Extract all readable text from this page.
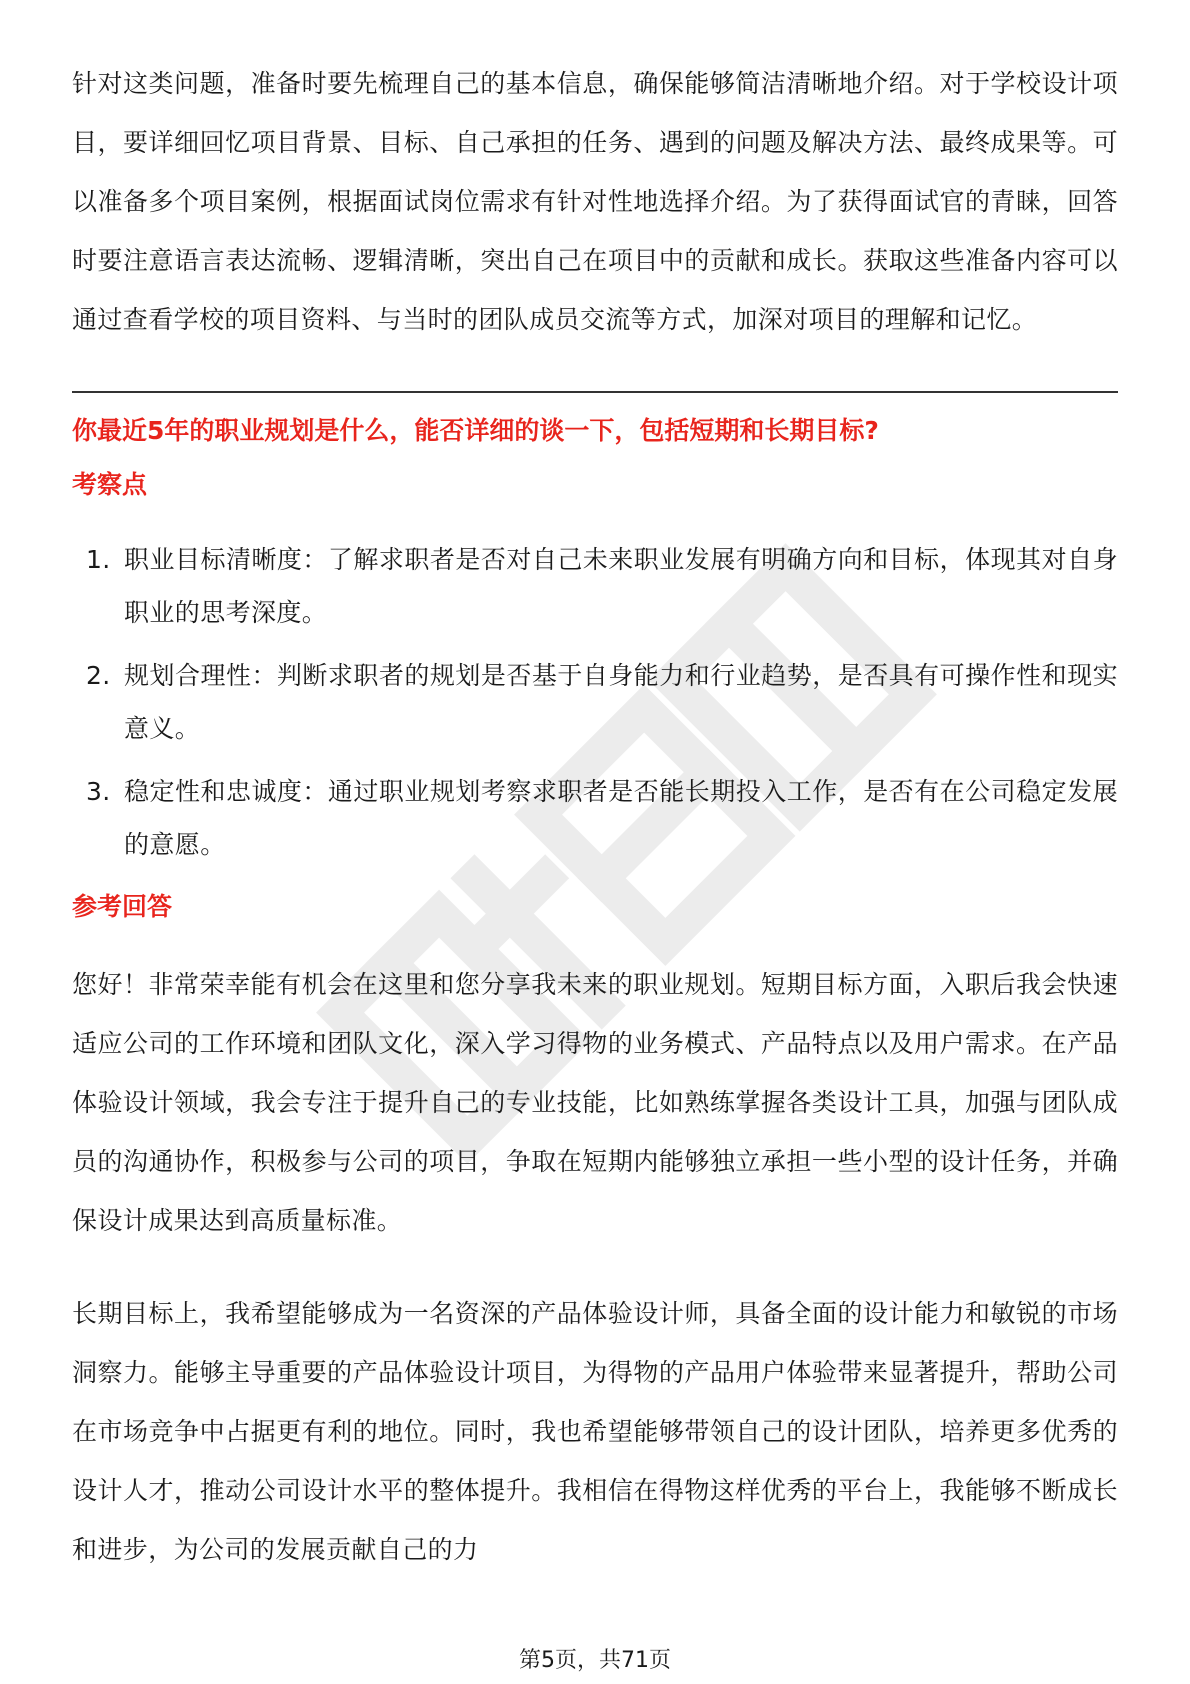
针对这类问题，准备时要先梳理自己的基本信息，确保能够简洁清晰地介绍。对于学校设计项目，要详细回忆项目背景、目标、自己承担的任务、遇到的问题及解决方法、最终成果等。可以准备多个项目案例，根据面试岗位需求有针对性地选择介绍。为了获得面试官的青睐，回答时要注意语言表达流畅、逻辑清晰，突出自己在项目中的贡献和成长。获取这些准备内容可以通过查看学校的项目资料、与当时的团队成员交流等方式，加深对项目的理解和记忆。

你最近5年的职业规划是什么，能否详细的谈一下，包括短期和长期目标?
考察点
1. 职业目标清晰度：了解求职者是否对自己未来职业发展有明确方向和目标，体现其对自身职业的思考深度。
2. 规划合理性：判断求职者的规划是否基于自身能力和行业趋势，是否具有可操作性和现实意义。
3. 稳定性和忠诚度：通过职业规划考察求职者是否能长期投入工作，是否有在公司稳定发展的意愿。
参考回答

您好！非常荣幸能有机会在这里和您分享我未来的职业规划。短期目标方面，入职后我会快速适应公司的工作环境和团队文化，深入学习得物的业务模式、产品特点以及用户需求。在产品体验设计领域，我会专注于提升自己的专业技能，比如熟练掌握各类设计工具，加强与团队成员的沟通协作，积极参与公司的项目，争取在短期内能够独立承担一些小型的设计任务，并确保设计成果达到高质量标准。

长期目标上，我希望能够成为一名资深的产品体验设计师，具备全面的设计能力和敏锐的市场洞察力。能够主导重要的产品体验设计项目，为得物的产品用户体验带来显著提升，帮助公司在市场竞争中占据更有利的地位。同时，我也希望能够带领自己的设计团队，培养更多优秀的设计人才，推动公司设计水平的整体提升。我相信在得物这样优秀的平台上，我能够不断成长和进步，为公司的发展贡献自己的力

第5页，共71页
